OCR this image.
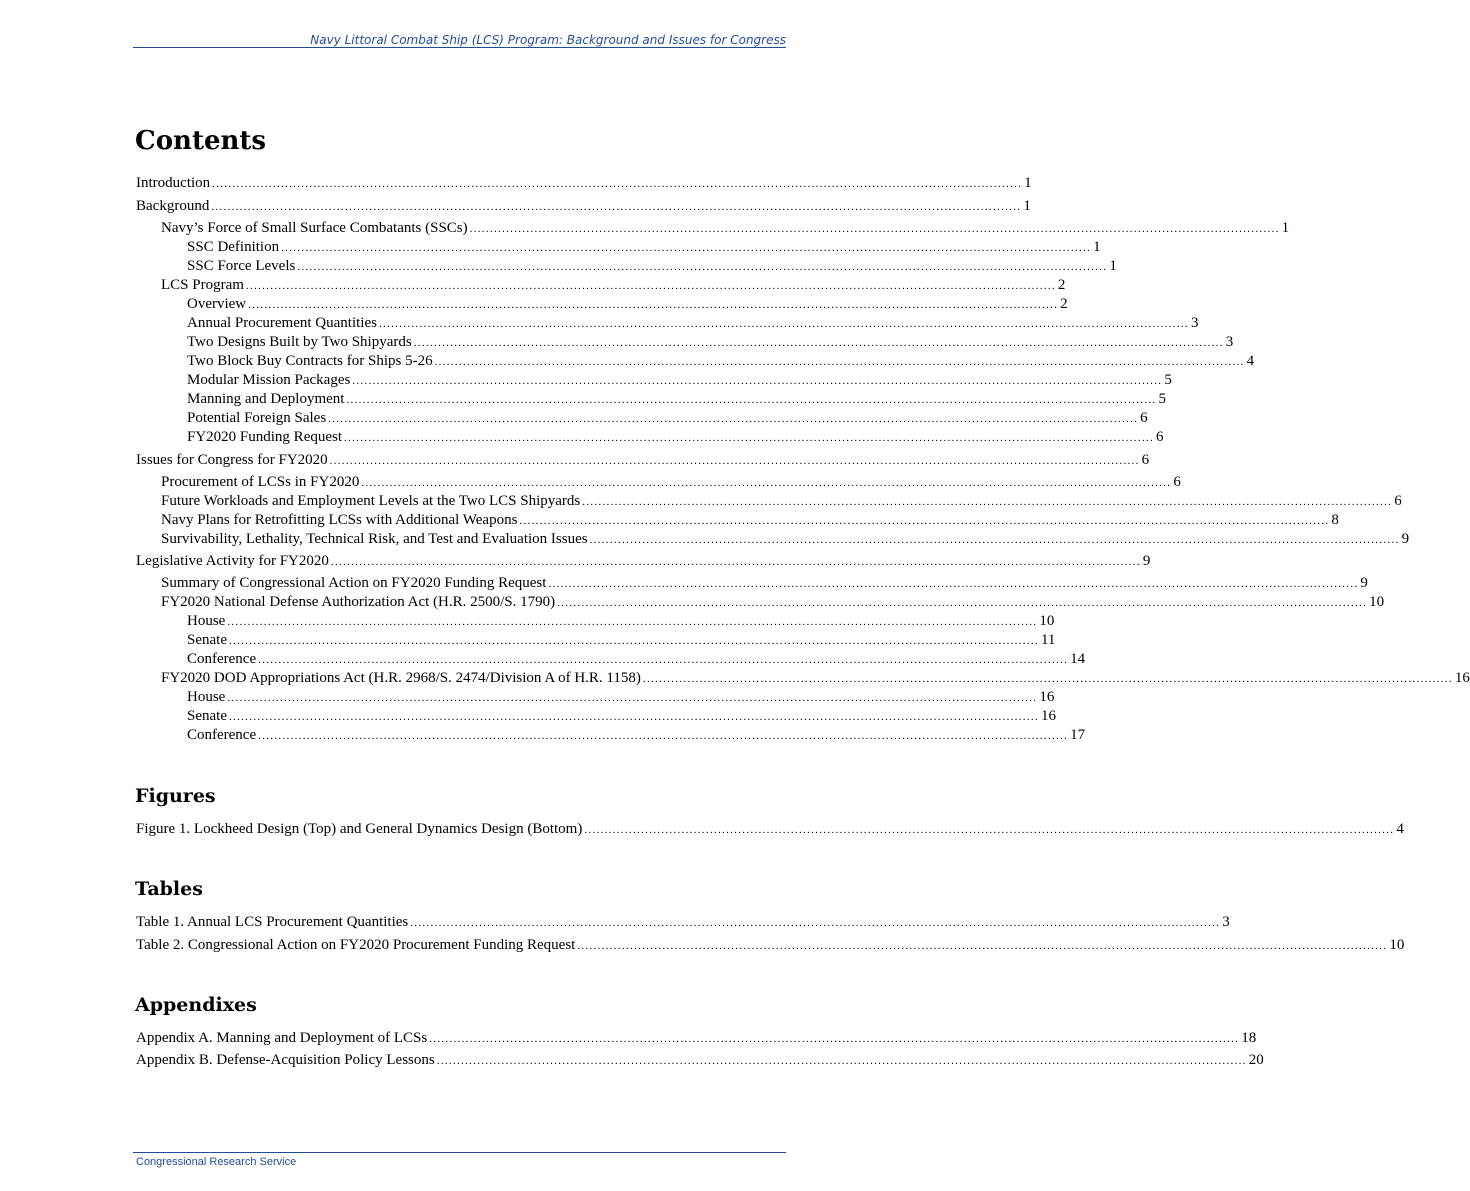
Navy Littoral Combat Ship (LCS) Program: Background and Issues for Congress
Contents
Introduction ........................................................................................................................................................................................................ 1
Background ........................................................................................................................................................................................................ 1
Navy’s Force of Small Surface Combatants (SSCs) ........................................................................................................................................................................................................ 1
SSC Definition ........................................................................................................................................................................................................ 1
SSC Force Levels ........................................................................................................................................................................................................ 1
LCS Program ........................................................................................................................................................................................................ 2
Overview ........................................................................................................................................................................................................ 2
Annual Procurement Quantities ........................................................................................................................................................................................................ 3
Two Designs Built by Two Shipyards ........................................................................................................................................................................................................ 3
Two Block Buy Contracts for Ships 5-26 ........................................................................................................................................................................................................ 4
Modular Mission Packages ........................................................................................................................................................................................................ 5
Manning and Deployment ........................................................................................................................................................................................................ 5
Potential Foreign Sales ........................................................................................................................................................................................................ 6
FY2020 Funding Request ........................................................................................................................................................................................................ 6
Issues for Congress for FY2020 ........................................................................................................................................................................................................ 6
Procurement of LCSs in FY2020 ........................................................................................................................................................................................................ 6
Future Workloads and Employment Levels at the Two LCS Shipyards ........................................................................................................................................................................................................ 6
Navy Plans for Retrofitting LCSs with Additional Weapons ........................................................................................................................................................................................................ 8
Survivability, Lethality, Technical Risk, and Test and Evaluation Issues ........................................................................................................................................................................................................ 9
Legislative Activity for FY2020 ........................................................................................................................................................................................................ 9
Summary of Congressional Action on FY2020 Funding Request ........................................................................................................................................................................................................ 9
FY2020 National Defense Authorization Act (H.R. 2500/S. 1790) ........................................................................................................................................................................................................ 10
House ........................................................................................................................................................................................................ 10
Senate ........................................................................................................................................................................................................ 11
Conference ........................................................................................................................................................................................................ 14
FY2020 DOD Appropriations Act (H.R. 2968/S. 2474/Division A of H.R. 1158) ........................................................................................................................................................................................................ 16
House ........................................................................................................................................................................................................ 16
Senate ........................................................................................................................................................................................................ 16
Conference ........................................................................................................................................................................................................ 17
Figures
Figure 1. Lockheed Design (Top) and General Dynamics Design (Bottom) ........................................................................................................................................................................................................ 4
Tables
Table 1. Annual LCS Procurement Quantities ........................................................................................................................................................................................................ 3
Table 2. Congressional Action on FY2020 Procurement Funding Request ........................................................................................................................................................................................................ 10
Appendixes
Appendix A. Manning and Deployment of LCSs ........................................................................................................................................................................................................ 18
Appendix B. Defense-Acquisition Policy Lessons ........................................................................................................................................................................................................ 20
Congressional Research Service
